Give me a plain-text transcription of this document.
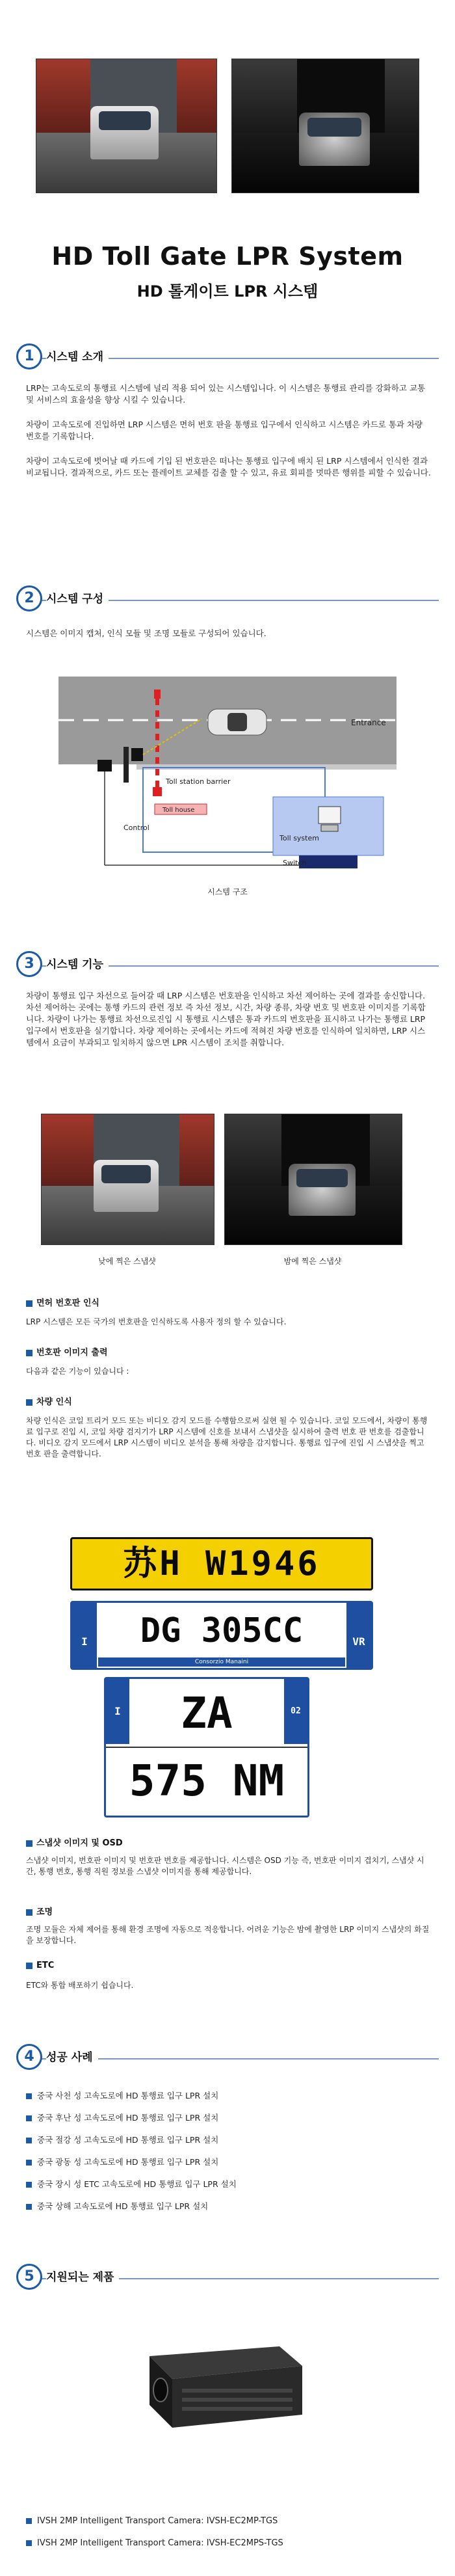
HD Toll Gate LPR System
HD 톨게이트 LPR 시스템
1	시스템 소개
LRP는 고속도로의 통행료 시스템에 널리 적용 되어 있는 시스템입니다. 이 시스템은 통행료 관리를 강화하고 교통 및 서비스의 효율성을 향상 시킬 수 있습니다.
차량이 고속도로에 진입하면 LRP 시스템은 면허 번호 판을 통행료 입구에서 인식하고 시스템은 카드로 통과 차량 번호를 기록합니다.
차량이 고속도로에 벗어날 때 카드에 기입 된 번호판은 떠나는 통행료 입구에 배치 된 LRP 시스템에서 인식한 결과 비교됩니다. 결과적으로, 카드 또는 플레이트 교체를 검출 할 수 있고, 유료 회피를 멋따른 행위를 피할 수 있습니다.
2	시스템 구성
시스템은 이미지 캡처, 인식 모듈 및 조명 모듈로 구성되어 있습니다.
Entrance
Toll station barrier
Toll house
Control
Toll system
Switch
시스템 구조
3	시스템 기능
차량이 통행료 입구 차선으로 들어갈 때 LRP 시스템은 번호판을 인식하고 차선 제어하는 곳에 결과를 송신합니다. 차선 제어하는 곳에는 통행 카드의 관련 정보 즉 차선 정보, 시간, 차량 종류, 차량 번호 및 번호판 이미지를 기록합니다. 차량이 나가는 통행료 차선으로진입 시 통행료 시스템은 통과 카드의 번호판을 표시하고 나가는 통행료 LRP 입구에서 번호판을 실기합니다. 차량 제어하는 곳에서는 카드에 적혀진 차량 번호를 인식하여 일치하면, LRP 시스템에서 요금이 부과되고 일치하지 않으면 LPR 시스템이 조치를 취합니다.
낮에 찍은 스냅샷	밤에 찍은 스냅샷
면허 번호판 인식
LRP 시스템은 모든 국가의 번호판을 인식하도록 사용자 정의 할 수 있습니다.
번호판 이미지 출력
다음과 같은 기능이 있습니다 :
차량 인식
차량 인식은 코일 트리거 모드 또는 비디오 감지 모드를 수행함으로써 실현 될 수 있습니다. 코일 모드에서, 차량이 통행료 입구로 진입 시, 코일 차량 검지기가 LRP 시스템에 신호를 보내서 스냅샷을 실시하여 출력 번호 판 번호를 검출합니다. 비디오 감지 모드에서 LRP 시스템이 비디오 분석을 통해 차량을 감지합니다. 통행료 입구에 진입 시 스냅샷을 찍고 번호 판을 출력합니다.
苏H W1946
I DG 305CC	VR
Consorzio Manaini
I	ZA	02
575 NM
스냅샷 이미지 및 OSD
스냅샷 이미지, 번호판 이미지 및 번호판 번호를 제공합니다. 시스템은 OSD 기능 즉, 번호판 이미지 겹치기, 스냅샷 시간, 통행 번호, 통행 직원 정보를 스냅샷 이미지를 통해 제공합니다.
조명
조명 모듈은 자체 제어를 통해 환경 조명에 자동으로 적응합니다. 어려운 기능은 밤에 촬영한 LRP 이미지 스냅샷의 화질을 보장합니다.
ETC
ETC와 통합 배포하기 쉽습니다.
4	성공 사례
중국 사천 성 고속도로에 HD 통행료 입구 LPR 설치
중국 후난 성 고속도로에 HD 통행료 입구 LPR 설치
중국 절강 성 고속도로에 HD 통행료 입구 LPR 설치
중국 광동 성 고속도로에 HD 통행료 입구 LPR 설치
중국 장시 성 ETC 고속도로에 HD 통행료 입구 LPR 설치
중국 상해 고속도로에 HD 통행료 입구 LPR 설치
5	지원되는 제품
IVSH 2MP Intelligent Transport Camera: IVSH-EC2MP-TGS
IVSH 2MP Intelligent Transport Camera: IVSH-EC2MPS-TGS
